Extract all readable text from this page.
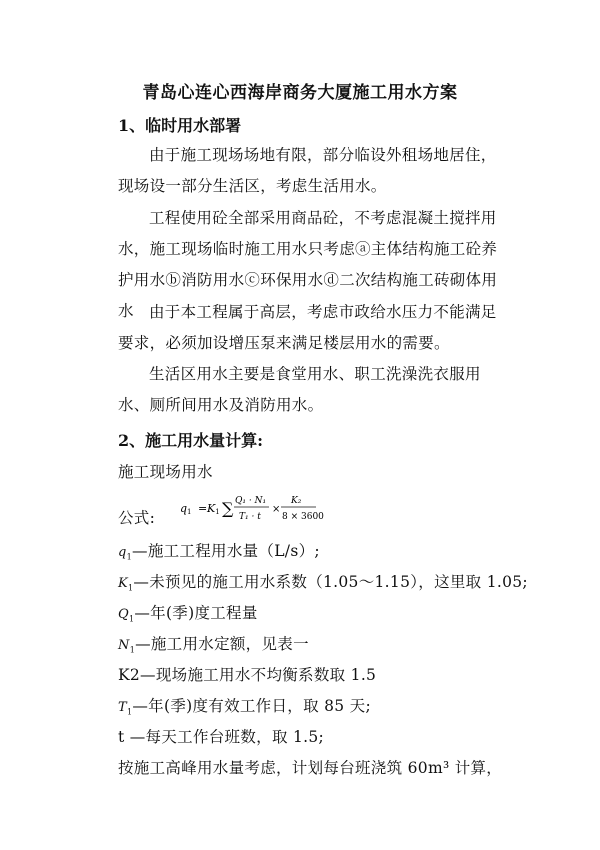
青岛心连心西海岸商务大厦施工用水方案
1、临时用水部署
由于施工现场场地有限，部分临设外租场地居住，现场设一部分生活区，考虑生活用水。
工程使用砼全部采用商品砼，不考虑混凝土搅拌用水，施工现场临时施工用水只考虑ⓐ主体结构施工砼养护用水ⓑ消防用水ⓒ环保用水ⓓ二次结构施工砖砌体用水 由于本工程属于高层，考虑市政给水压力不能满足要求，必须加设增压泵来满足楼层用水的需要。
生活区用水主要是食堂用水、职工洗澡洗衣服用水、厕所间用水及消防用水。
2、施工用水量计算:
施工现场用水
q1 = K1 ∑ Q₁ · N₁
T₁ · t
×
K₂
8 × 3600
公式:
$q_1—$施工工程用水量（L/s）;
$K_1—$未预见的施工用水系数（1.05～1.15），这里取 1.05;
$Q_1—$年(季)度工程量
$N_1—$施工用水定额，见表一
K2—现场施工用水不均衡系数取 1.5
$T_1—$年(季)度有效工作日，取 85 天;
t —每天工作台班数，取 1.5;
按施工高峰用水量考虑，计划每台班浇筑 60m³ 计算，
